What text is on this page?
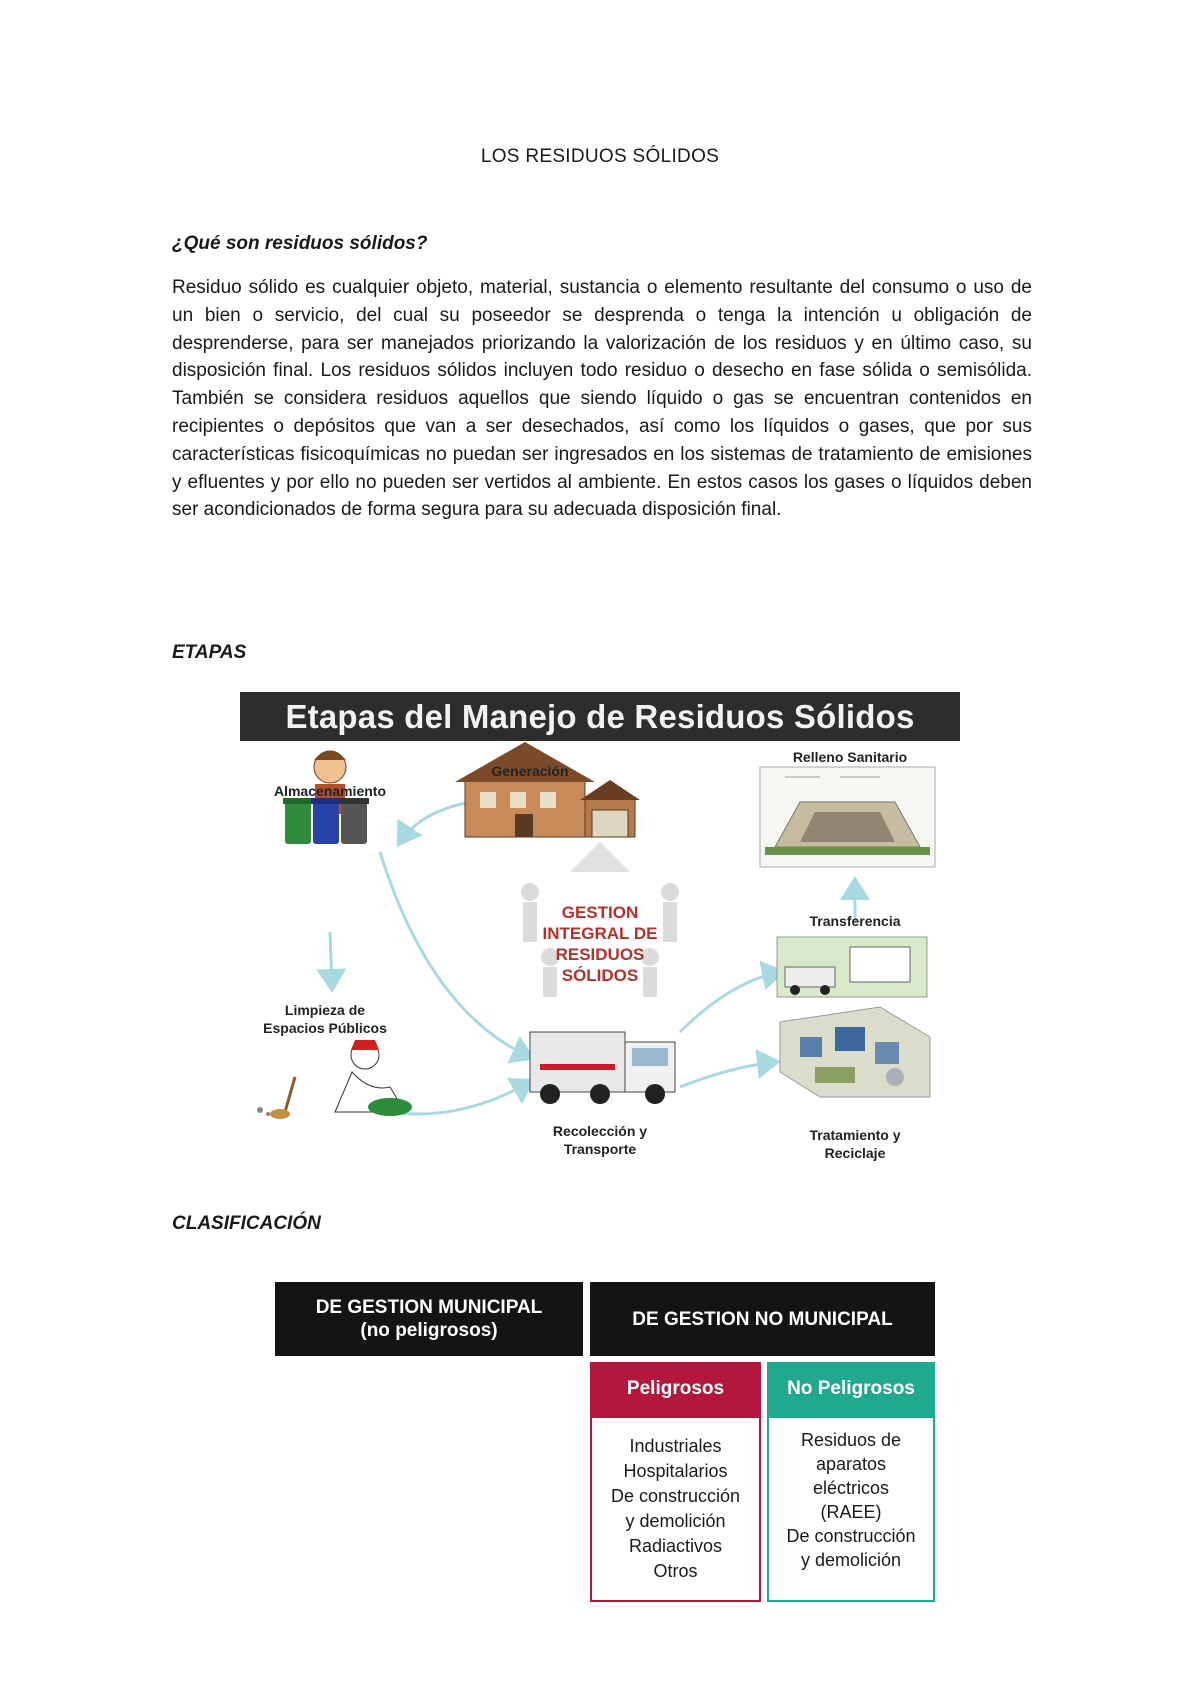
LOS RESIDUOS SÓLIDOS
¿Qué son residuos sólidos?
Residuo sólido es cualquier objeto, material, sustancia o elemento resultante del consumo o uso de un bien o servicio, del cual su poseedor se desprenda o tenga la intención u obligación de desprenderse, para ser manejados priorizando la valorización de los residuos y en último caso, su disposición final. Los residuos sólidos incluyen todo residuo o desecho en fase sólida o semisólida. También se considera residuos aquellos que siendo líquido o gas se encuentran contenidos en recipientes o depósitos que van a ser desechados, así como los líquidos o gases, que por sus características fisicoquímicas no puedan ser ingresados en los sistemas de tratamiento de emisiones y efluentes y por ello no pueden ser vertidos al ambiente. En estos casos los gases o líquidos deben ser acondicionados de forma segura para su adecuada disposición final.
ETAPAS
Etapas del Manejo de Residuos Sólidos
Generación
Almacenamiento
Limpieza de
Espacios Públicos
Recolección y
Transporte
Relleno Sanitario
Transferencia
Tratamiento y
Reciclaje
GESTION
INTEGRAL DE
RESIDUOS
SÓLIDOS
CLASIFICACIÓN
DE GESTION MUNICIPAL
(no peligrosos)
DE GESTION NO MUNICIPAL
Peligrosos
Industriales
Hospitalarios
De construcción
y demolición
Radiactivos
Otros
No Peligrosos
Residuos de
aparatos
eléctricos
(RAEE)
De construcción
y demolición
